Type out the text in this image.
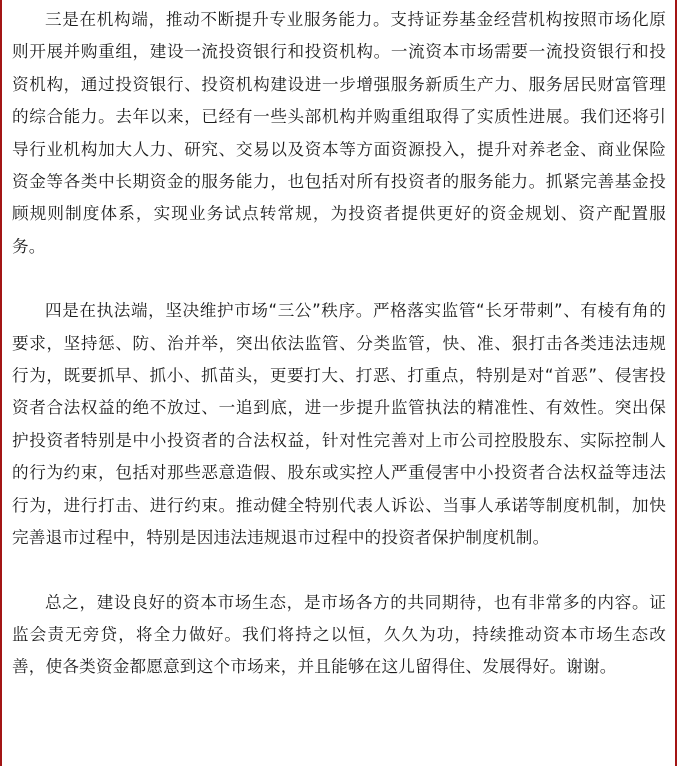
三是在机构端，推动不断提升专业服务能力。支持证券基金经营机构按照市场化原则开展并购重组，建设一流投资银行和投资机构。一流资本市场需要一流投资银行和投资机构，通过投资银行、投资机构建设进一步增强服务新质生产力、服务居民财富管理的综合能力。去年以来，已经有一些头部机构并购重组取得了实质性进展。我们还将引导行业机构加大人力、研究、交易以及资本等方面资源投入，提升对养老金、商业保险资金等各类中长期资金的服务能力，也包括对所有投资者的服务能力。抓紧完善基金投顾规则制度体系，实现业务试点转常规，为投资者提供更好的资金规划、资产配置服务。

四是在执法端，坚决维护市场“三公”秩序。严格落实监管“长牙带刺”、有棱有角的要求，坚持惩、防、治并举，突出依法监管、分类监管，快、准、狠打击各类违法违规行为，既要抓早、抓小、抓苗头，更要打大、打恶、打重点，特别是对“首恶”、侵害投资者合法权益的绝不放过、一追到底，进一步提升监管执法的精准性、有效性。突出保护投资者特别是中小投资者的合法权益，针对性完善对上市公司控股股东、实际控制人的行为约束，包括对那些恶意造假、股东或实控人严重侵害中小投资者合法权益等违法行为，进行打击、进行约束。推动健全特别代表人诉讼、当事人承诺等制度机制，加快完善退市过程中，特别是因违法违规退市过程中的投资者保护制度机制。

总之，建设良好的资本市场生态，是市场各方的共同期待，也有非常多的内容。证监会责无旁贷，将全力做好。我们将持之以恒，久久为功，持续推动资本市场生态改善，使各类资金都愿意到这个市场来，并且能够在这儿留得住、发展得好。谢谢。
